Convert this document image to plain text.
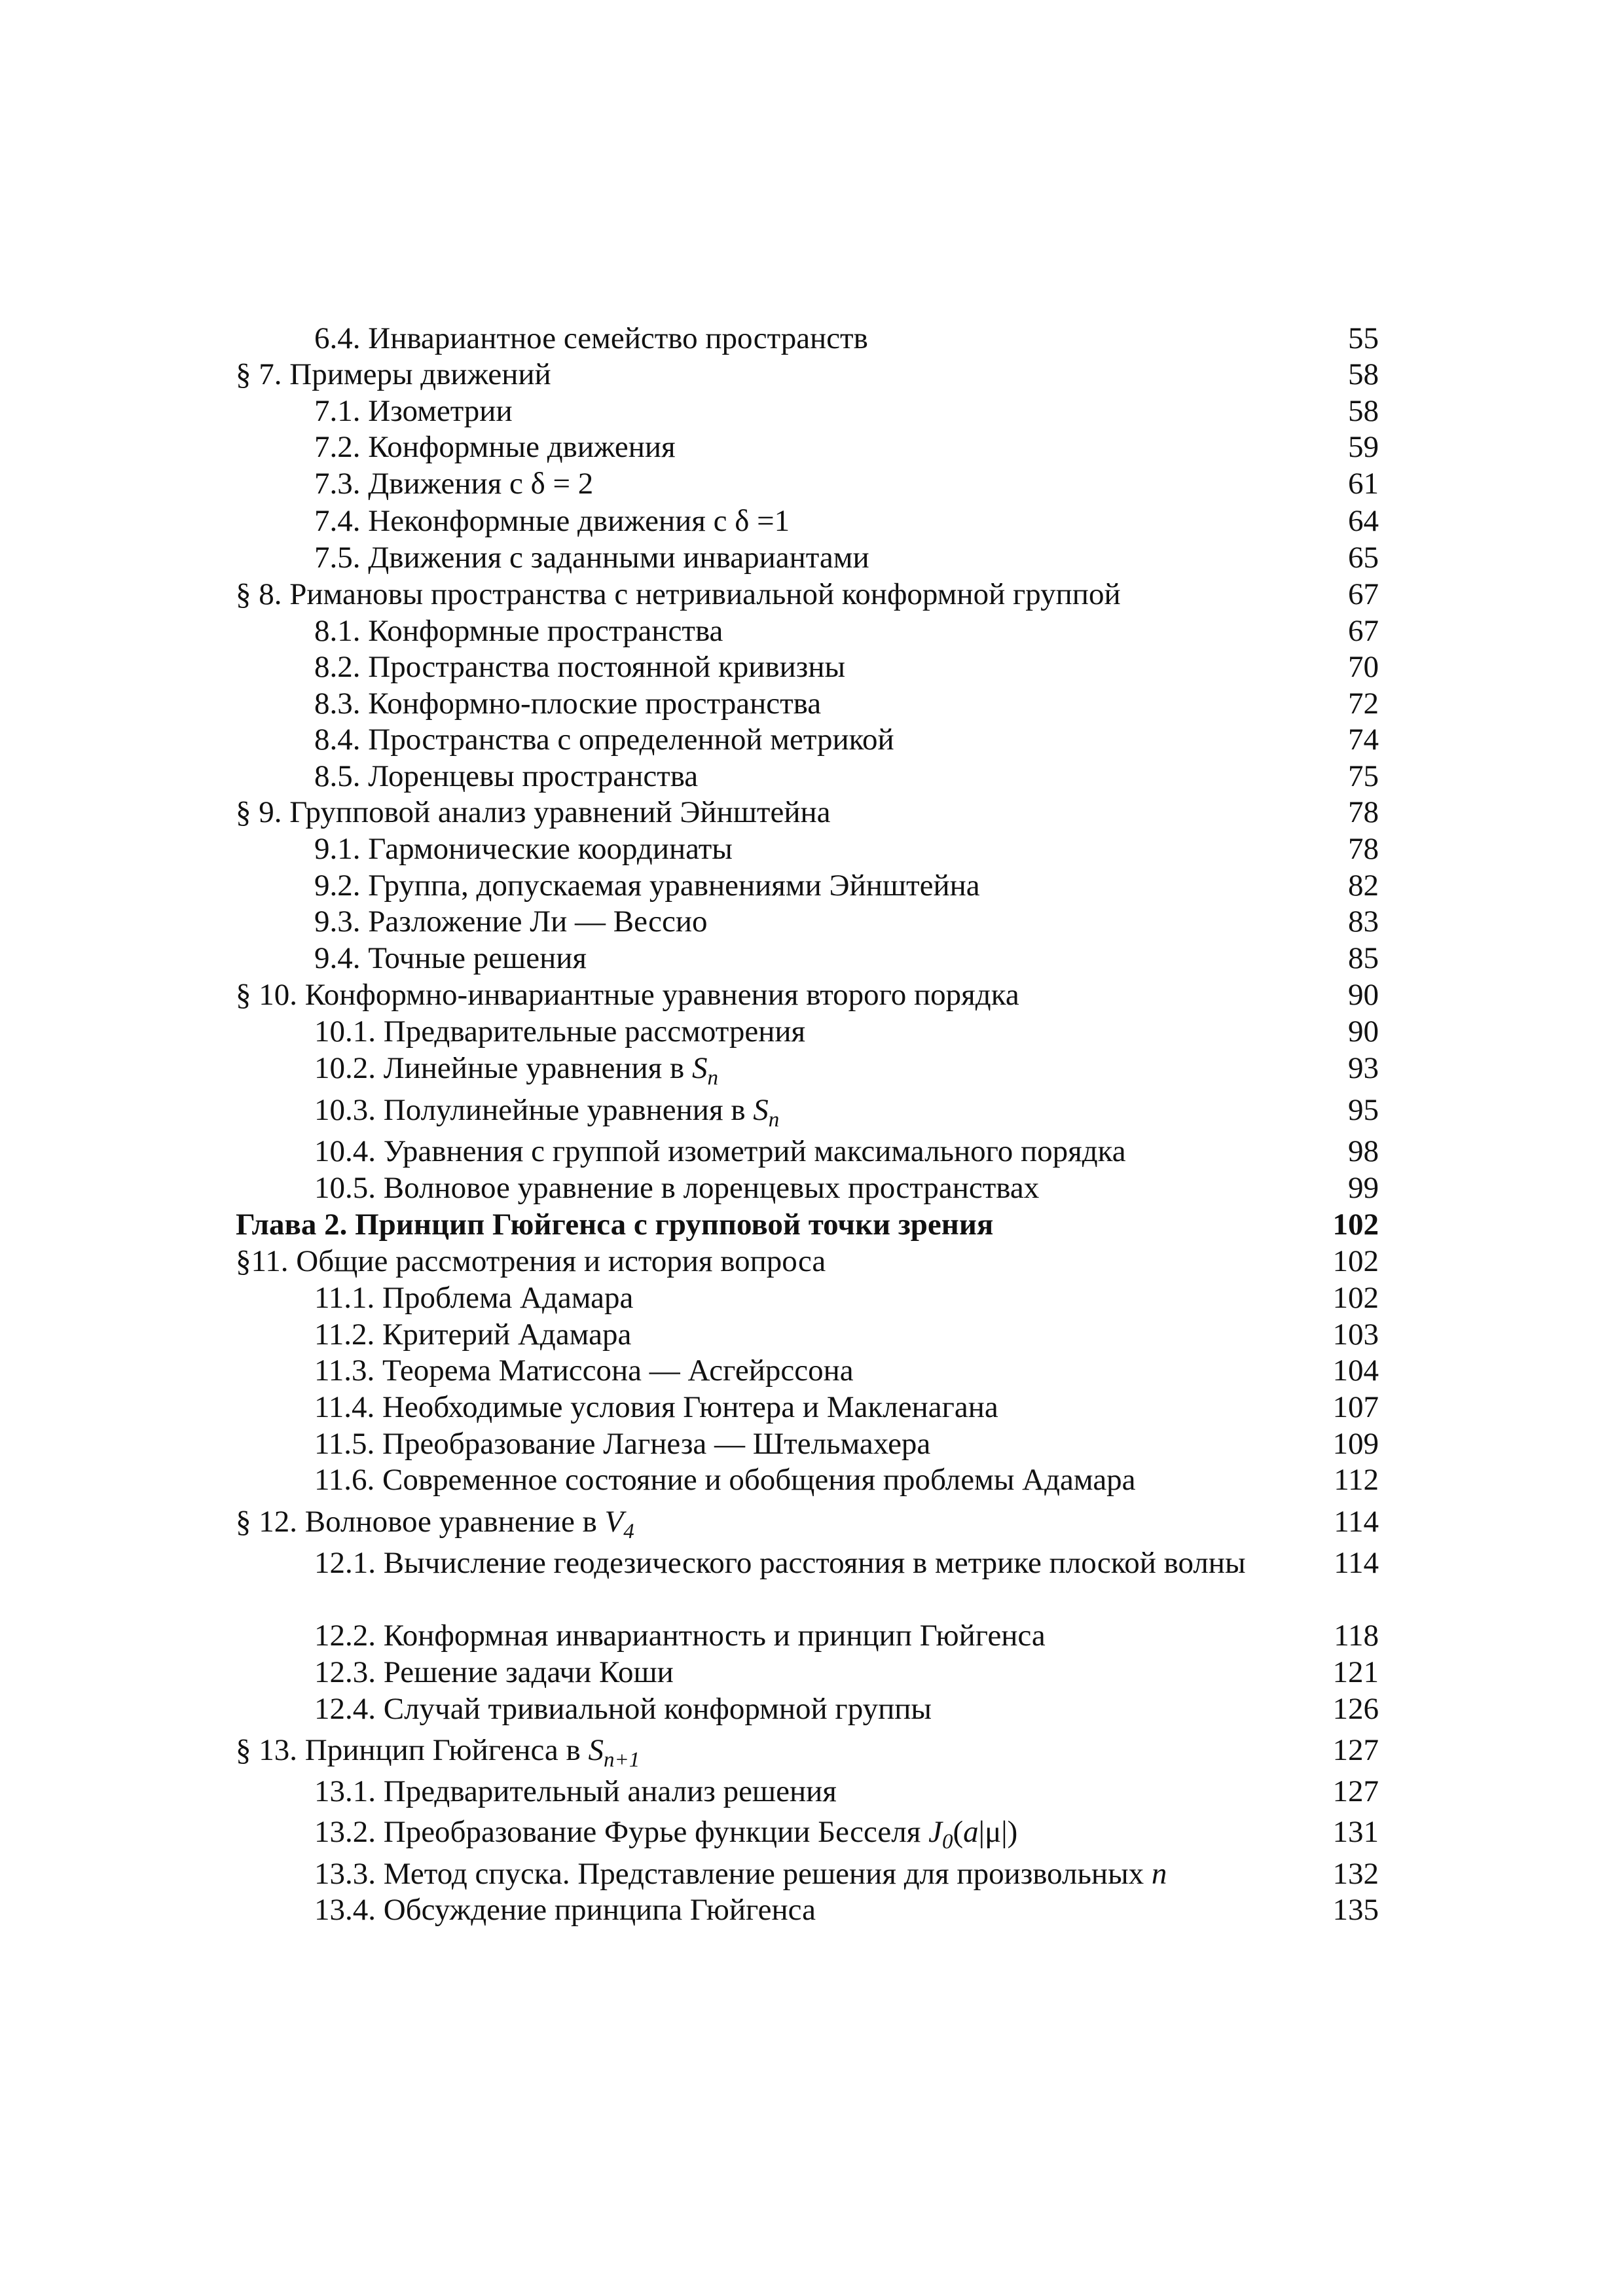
6.4. Инвариантное семейство пространств	55
§ 7. Примеры движений	58
7.1. Изометрии	58
7.2. Конформные движения	59
7.3. Движения с δ = 2	61
7.4. Неконформные движения с δ =1	64
7.5. Движения с заданными инвариантами	65
§ 8. Римановы пространства с нетривиальной конформной группой	67
8.1. Конформные пространства	67
8.2. Пространства постоянной кривизны	70
8.3. Конформно-плоские пространства	72
8.4. Пространства с определенной метрикой	74
8.5. Лоренцевы пространства	75
§ 9. Групповой анализ уравнений Эйнштейна	78
9.1. Гармонические координаты	78
9.2. Группа, допускаемая уравнениями Эйнштейна	82
9.3. Разложение Ли — Вессио	83
9.4. Точные решения	85
§ 10. Конформно-инвариантные уравнения второго порядка	90
10.1. Предварительные рассмотрения	90
10.2. Линейные уравнения в $S_n$	93
10.3. Полулинейные уравнения в $S_n$	95
10.4. Уравнения с группой изометрий максимального порядка	98
10.5. Волновое уравнение в лоренцевых пространствах	99
Глава 2. Принцип Гюйгенса с групповой точки зрения	102
§11. Общие рассмотрения и история вопроса	102
11.1. Проблема Адамара	102
11.2. Критерий Адамара	103
11.3. Теорема Матиссона — Асгейрссона	104
11.4. Необходимые условия Гюнтера и Макленагана	107
11.5. Преобразование Лагнеза — Штельмахера	109
11.6. Современное состояние и обобщения проблемы Адамара	112
§ 12. Волновое уравнение в $V_4$	114
12.1. Вычисление геодезического расстояния в метрике плоской волны	114
12.2. Конформная инвариантность и принцип Гюйгенса	118
12.3. Решение задачи Коши	121
12.4. Случай тривиальной конформной группы	126
§ 13. Принцип Гюйгенса в $S_{n+1}$	127
13.1. Предварительный анализ решения	127
13.2. Преобразование Фурье функции Бесселя $J_0(a|\mu|)$	131
13.3. Метод спуска. Представление решения для произвольных n	132
13.4. Обсуждение принципа Гюйгенса	135
